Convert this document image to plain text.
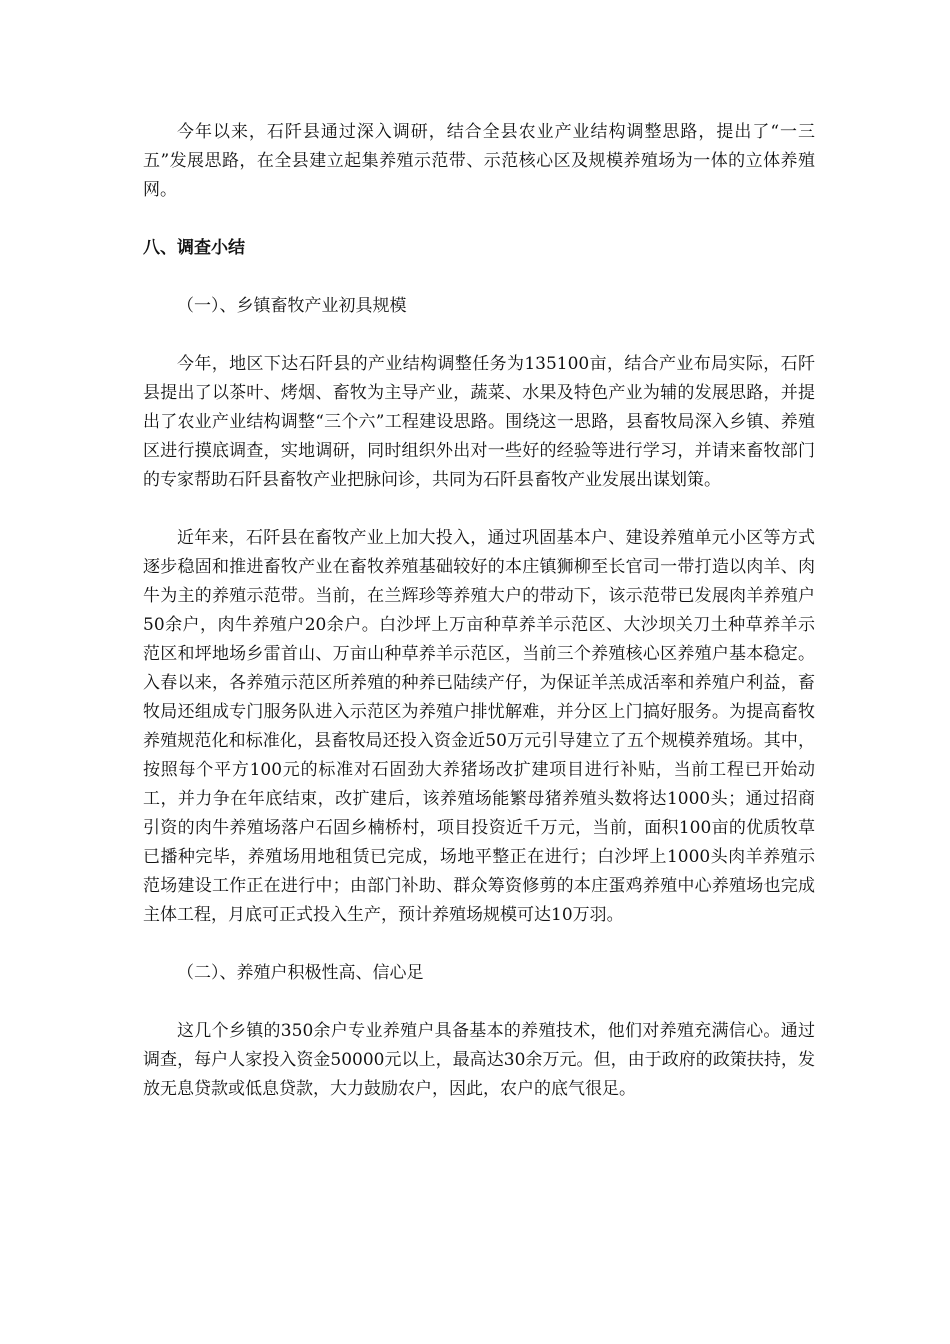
今年以来，石阡县通过深入调研，结合全县农业产业结构调整思路，提出了“一三五”发展思路，在全县建立起集养殖示范带、示范核心区及规模养殖场为一体的立体养殖网。

八、调查小结

（一）、乡镇畜牧产业初具规模

今年，地区下达石阡县的产业结构调整任务为135100亩，结合产业布局实际，石阡县提出了以茶叶、烤烟、畜牧为主导产业，蔬菜、水果及特色产业为辅的发展思路，并提出了农业产业结构调整“三个六”工程建设思路。围绕这一思路，县畜牧局深入乡镇、养殖区进行摸底调查，实地调研，同时组织外出对一些好的经验等进行学习，并请来畜牧部门的专家帮助石阡县畜牧产业把脉问诊，共同为石阡县畜牧产业发展出谋划策。

近年来，石阡县在畜牧产业上加大投入，通过巩固基本户、建设养殖单元小区等方式逐步稳固和推进畜牧产业在畜牧养殖基础较好的本庄镇狮柳至长官司一带打造以肉羊、肉牛为主的养殖示范带。当前，在兰辉珍等养殖大户的带动下，该示范带已发展肉羊养殖户50余户，肉牛养殖户20余户。白沙坪上万亩种草养羊示范区、大沙坝关刀土种草养羊示范区和坪地场乡雷首山、万亩山种草养羊示范区，当前三个养殖核心区养殖户基本稳定。入春以来，各养殖示范区所养殖的种养已陆续产仔，为保证羊羔成活率和养殖户利益，畜牧局还组成专门服务队进入示范区为养殖户排忧解难，并分区上门搞好服务。为提高畜牧养殖规范化和标准化，县畜牧局还投入资金近50万元引导建立了五个规模养殖场。其中，按照每个平方100元的标准对石固劲大养猪场改扩建项目进行补贴，当前工程已开始动工，并力争在年底结束，改扩建后，该养殖场能繁母猪养殖头数将达1000头；通过招商引资的肉牛养殖场落户石固乡楠桥村，项目投资近千万元，当前，面积100亩的优质牧草已播种完毕，养殖场用地租赁已完成，场地平整正在进行；白沙坪上1000头肉羊养殖示范场建设工作正在进行中；由部门补助、群众筹资修剪的本庄蛋鸡养殖中心养殖场也完成主体工程，月底可正式投入生产，预计养殖场规模可达10万羽。

（二）、养殖户积极性高、信心足

这几个乡镇的350余户专业养殖户具备基本的养殖技术，他们对养殖充满信心。通过调查，每户人家投入资金50000元以上，最高达30余万元。但，由于政府的政策扶持，发放无息贷款或低息贷款，大力鼓励农户，因此，农户的底气很足。
